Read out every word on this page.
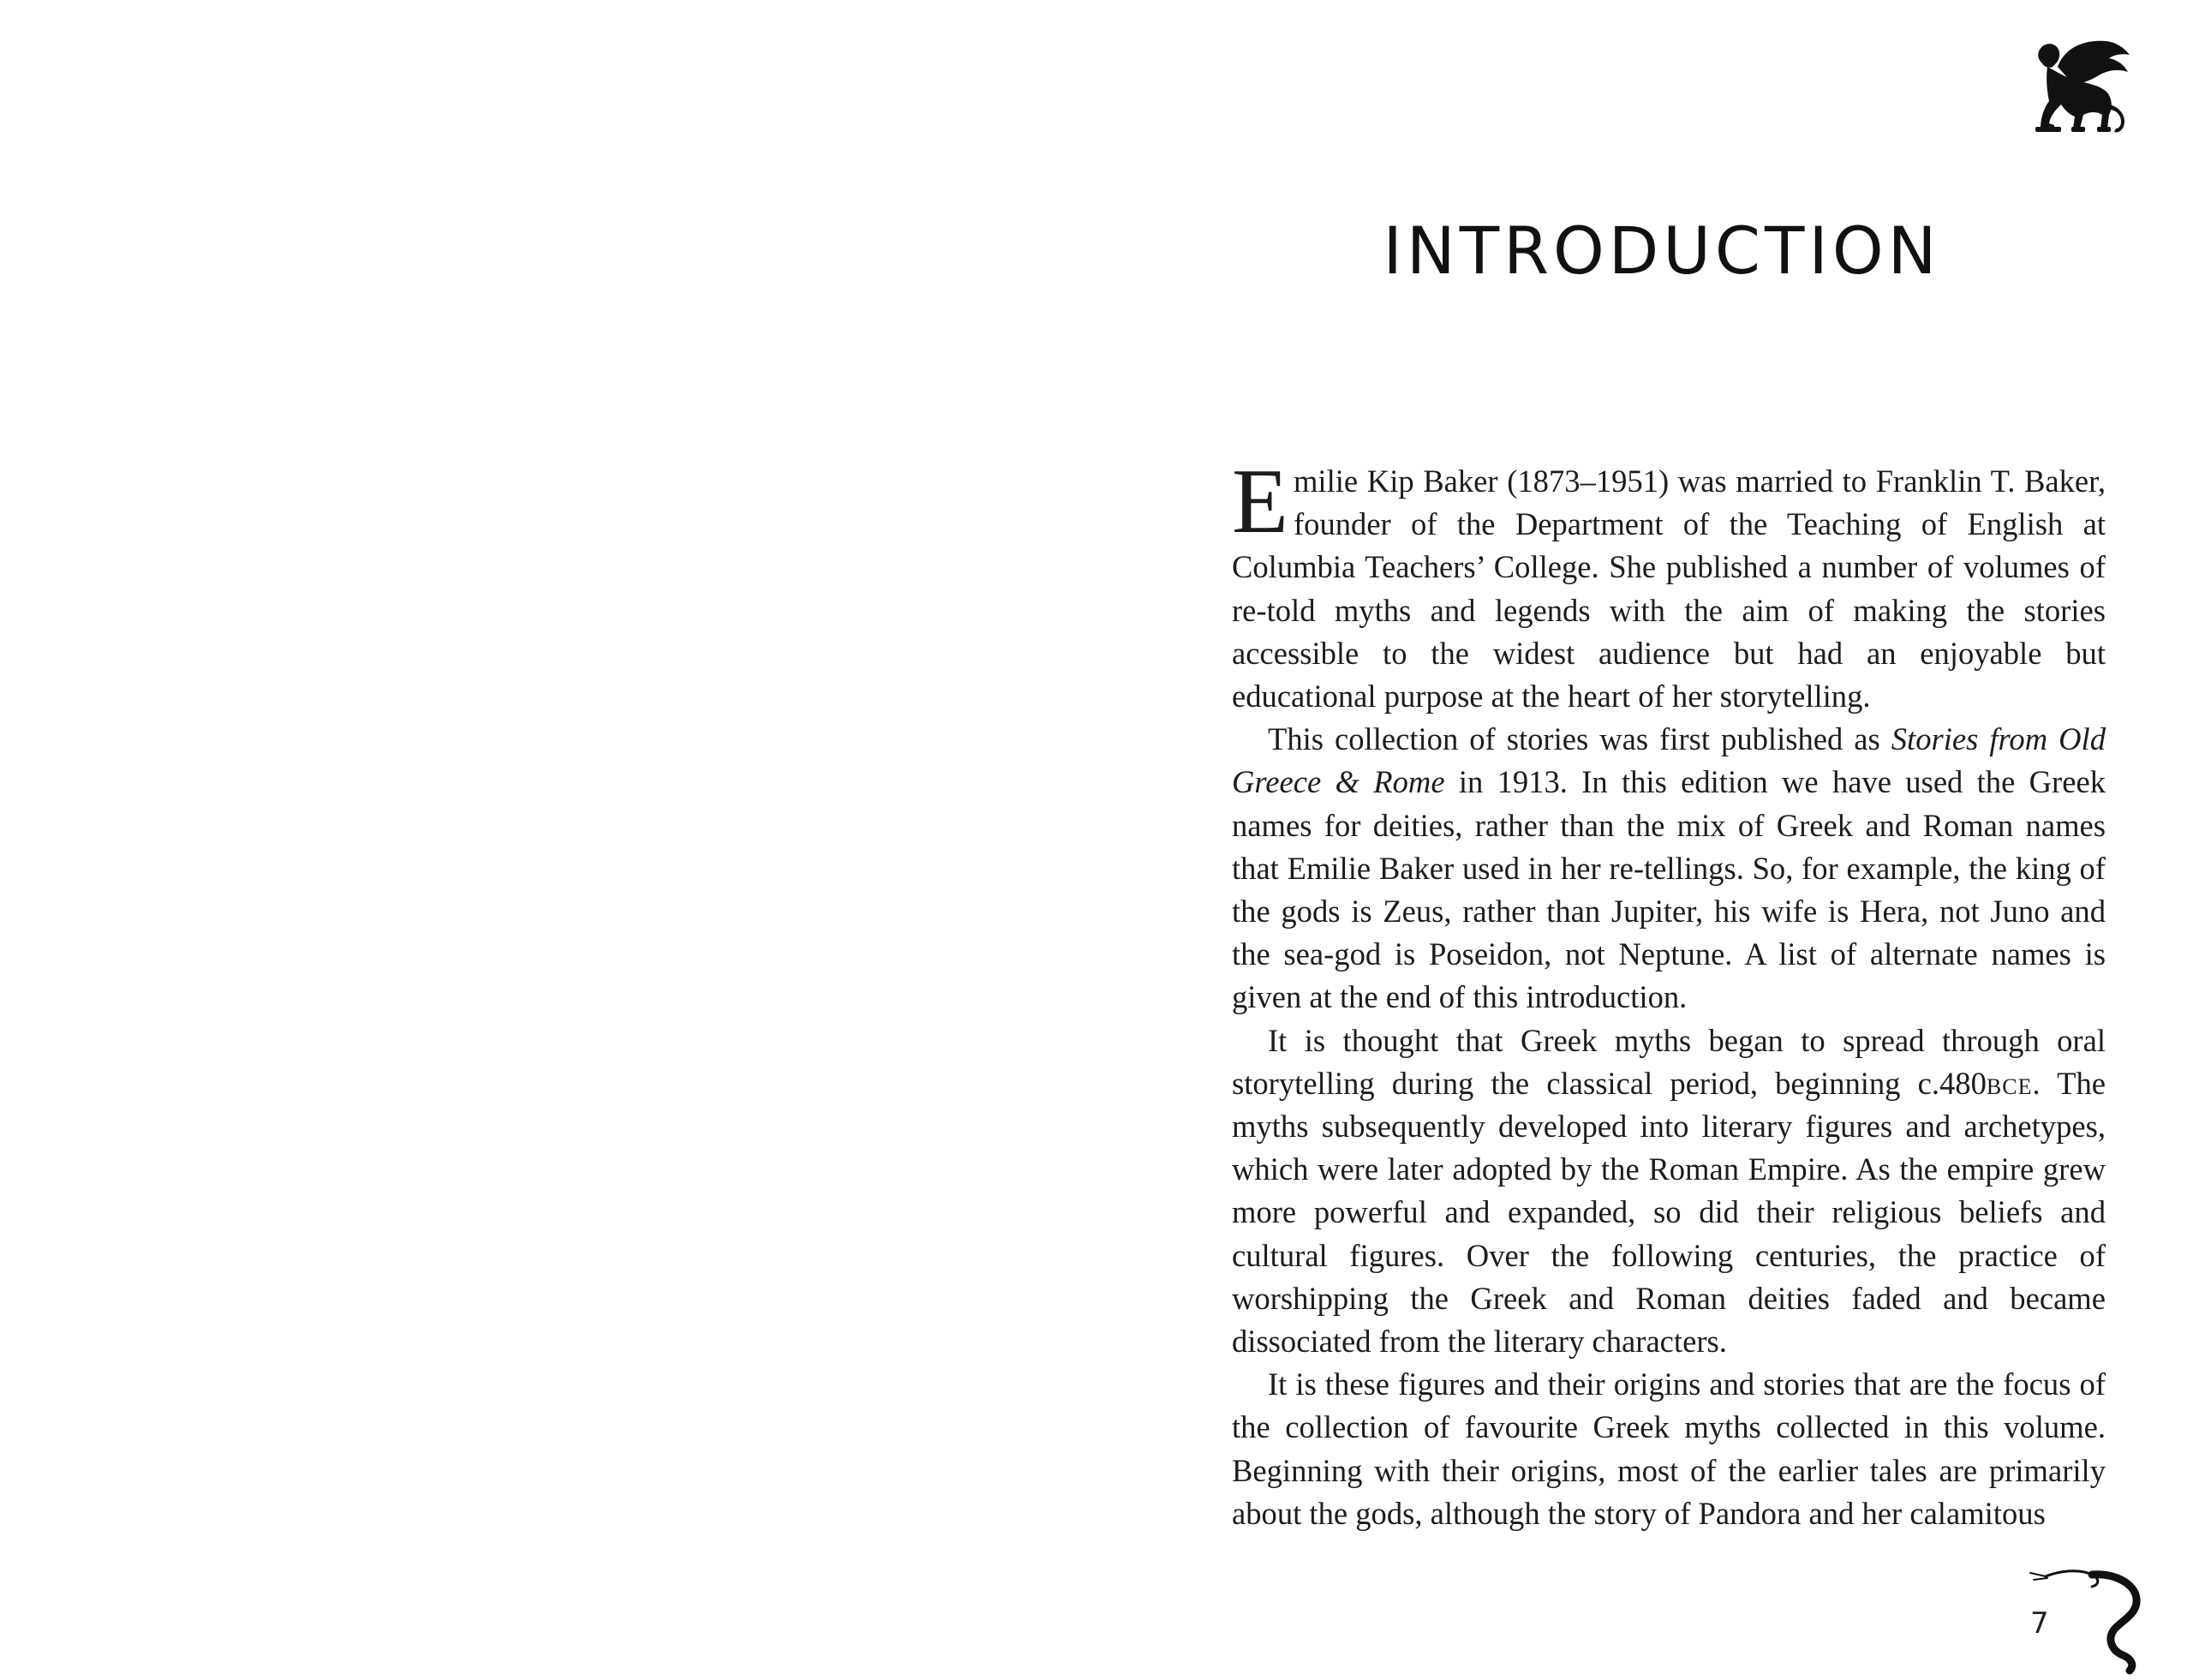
INTRODUCTION

Emilie Kip Baker (1873–1951) was married to Franklin T. Baker, founder of the Department of the Teaching of English at Columbia Teachers’ College. She published a number of volumes of re-told myths and legends with the aim of making the stories accessible to the widest audience but had an enjoyable but educational purpose at the heart of her storytelling.

This collection of stories was first published as Stories from Old Greece & Rome in 1913. In this edition we have used the Greek names for deities, rather than the mix of Greek and Roman names that Emilie Baker used in her re-tellings. So, for example, the king of the gods is Zeus, rather than Jupiter, his wife is Hera, not Juno and the sea-god is Poseidon, not Neptune. A list of alternate names is given at the end of this introduction.

It is thought that Greek myths began to spread through oral storytelling during the classical period, beginning c.480bce. The myths subsequently developed into literary figures and archetypes, which were later adopted by the Roman Empire. As the empire grew more powerful and expanded, so did their religious beliefs and cultural figures. Over the following centuries, the practice of worshipping the Greek and Roman deities faded and became dissociated from the literary characters.

It is these figures and their origins and stories that are the focus of the collection of favourite Greek myths collected in this volume. Beginning with their origins, most of the earlier tales are primarily about the gods, although the story of Pandora and her calamitous

7
